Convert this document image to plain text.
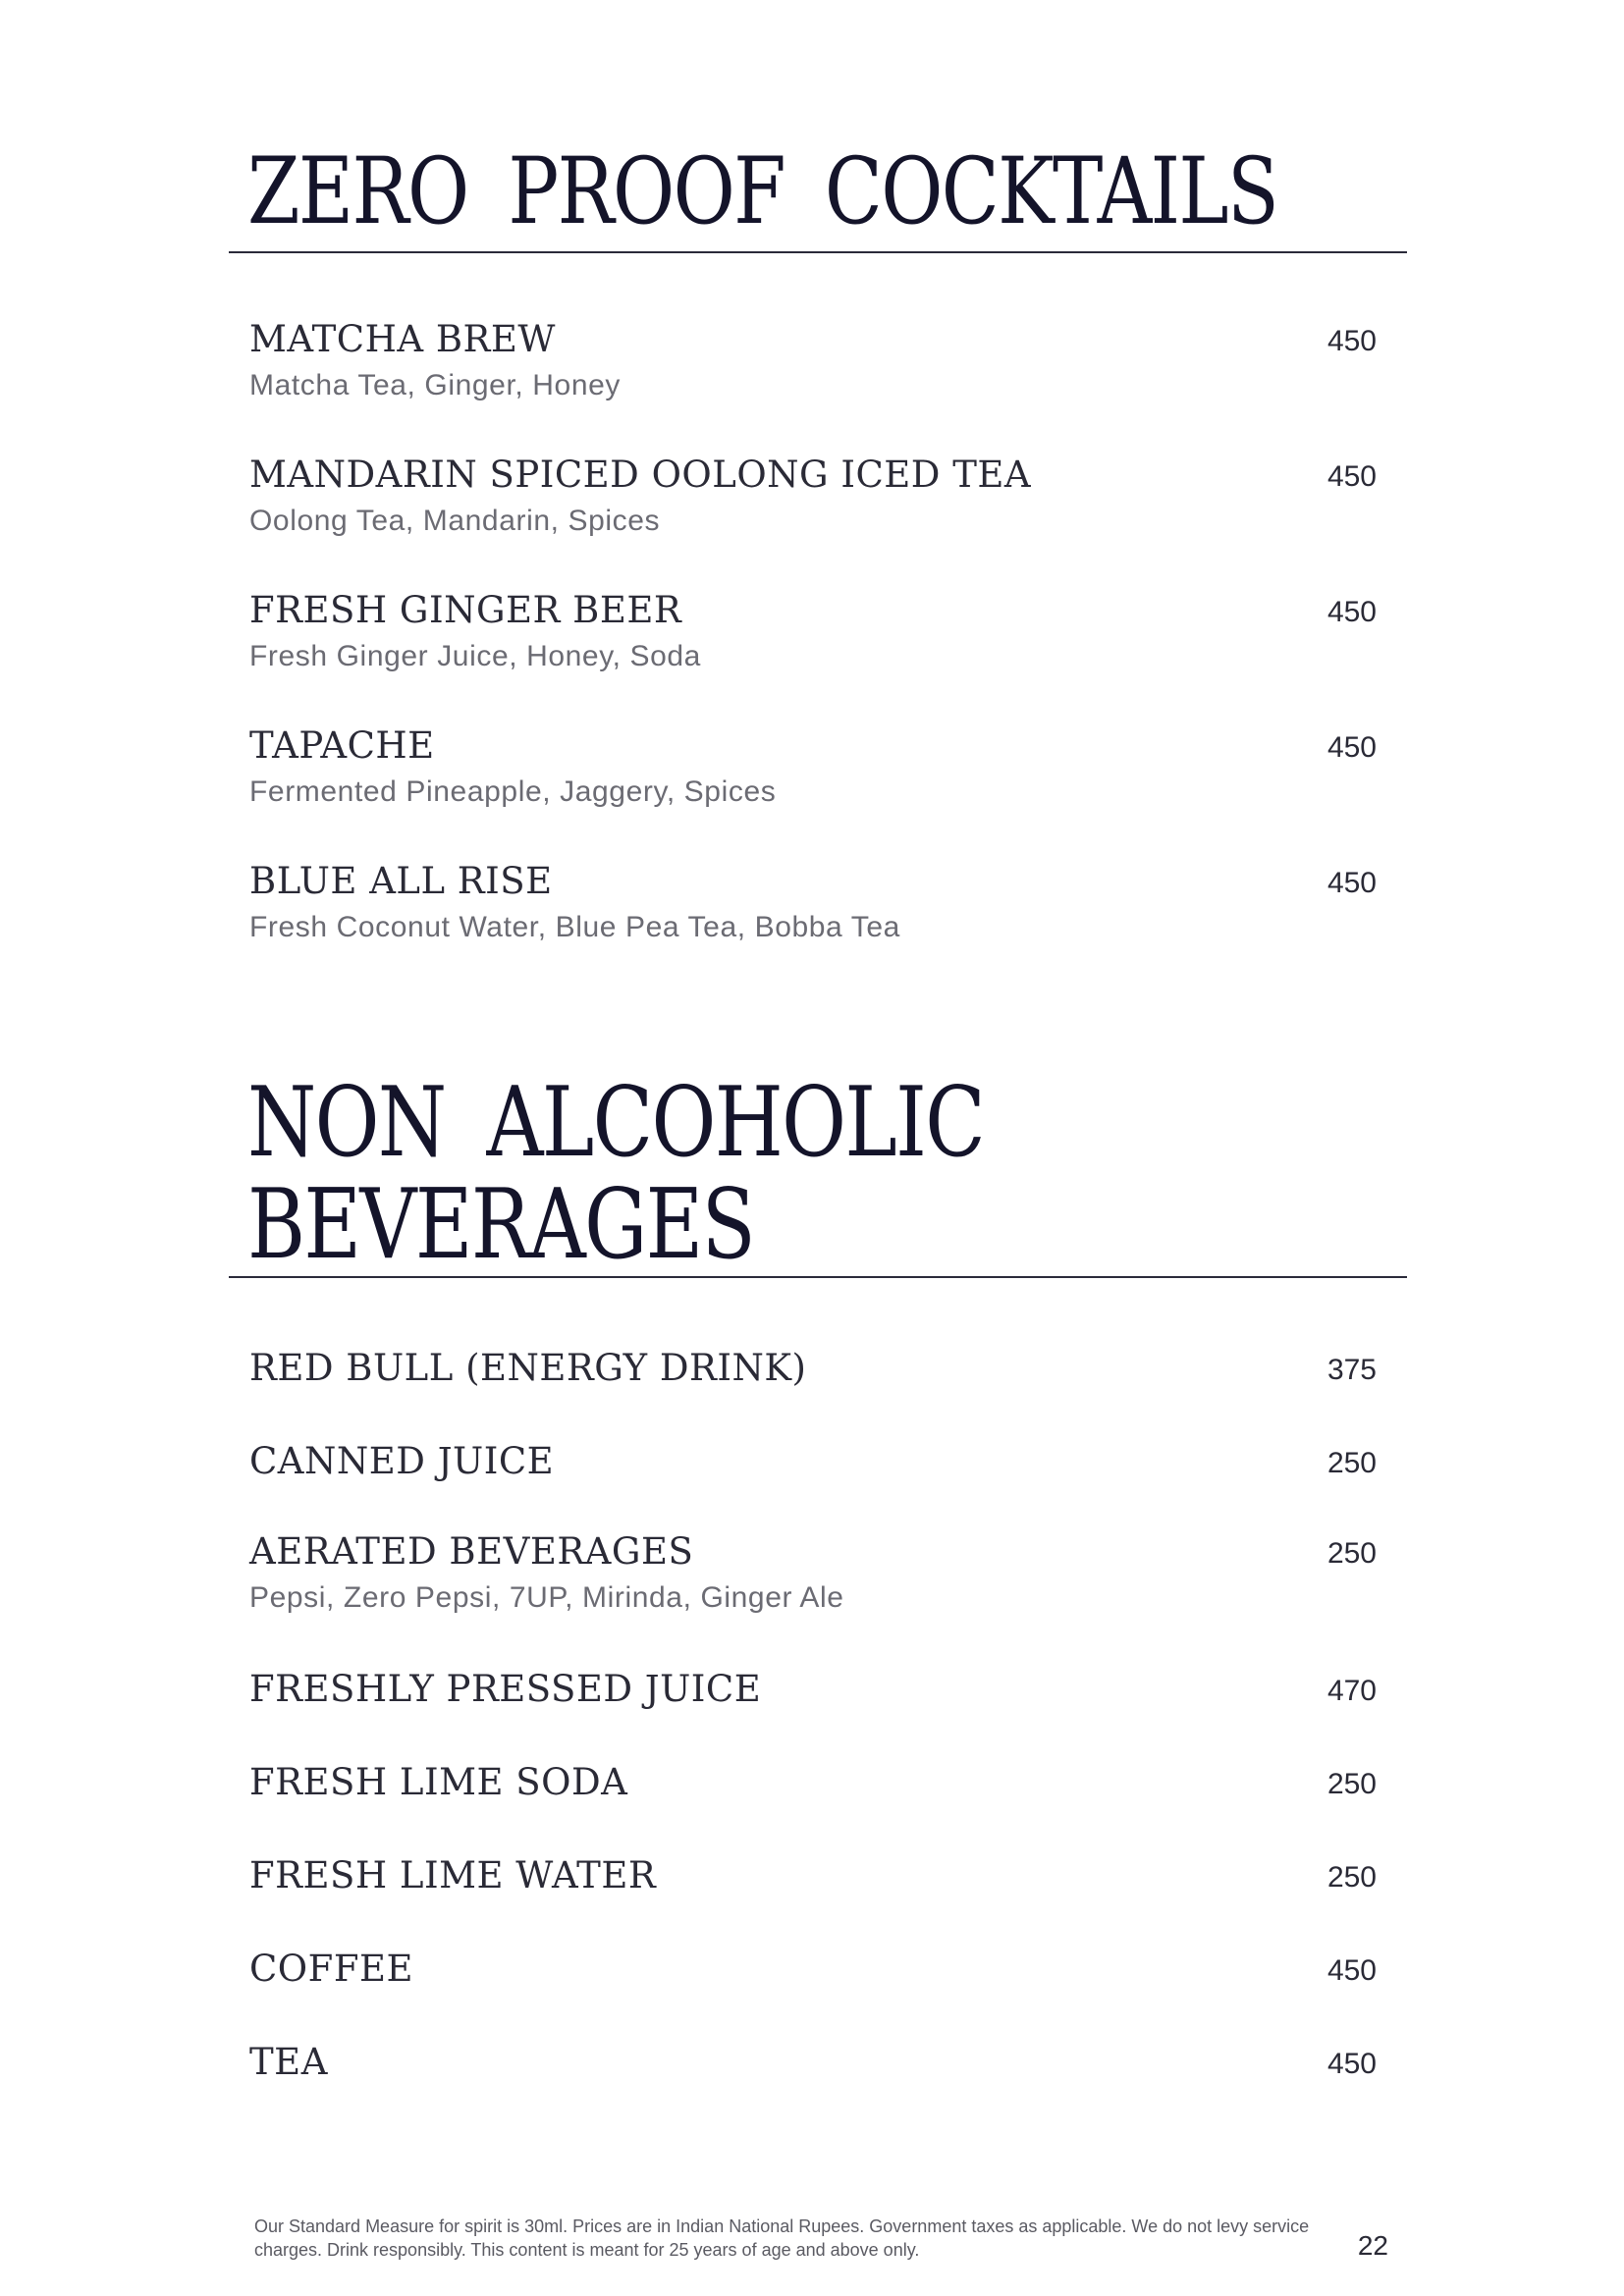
ZERO PROOF COCKTAILS
MATCHA BREW	450
Matcha Tea, Ginger, Honey
MANDARIN SPICED OOLONG ICED TEA	450
Oolong Tea, Mandarin, Spices
FRESH GINGER BEER	450
Fresh Ginger Juice, Honey, Soda
TAPACHE	450
Fermented Pineapple, Jaggery, Spices
BLUE ALL RISE	450
Fresh Coconut Water, Blue Pea Tea, Bobba Tea
NON ALCOHOLIC
BEVERAGES
RED BULL (ENERGY DRINK)	375
CANNED JUICE	250
AERATED BEVERAGES	250
Pepsi, Zero Pepsi, 7UP, Mirinda, Ginger Ale
FRESHLY PRESSED JUICE	470
FRESH LIME SODA	250
FRESH LIME WATER	250
COFFEE	450
TEA	450

Our Standard Measure for spirit is 30ml. Prices are in Indian National Rupees. Government taxes as applicable. We do not levy service charges. Drink responsibly. This content is meant for 25 years of age and above only.	22
